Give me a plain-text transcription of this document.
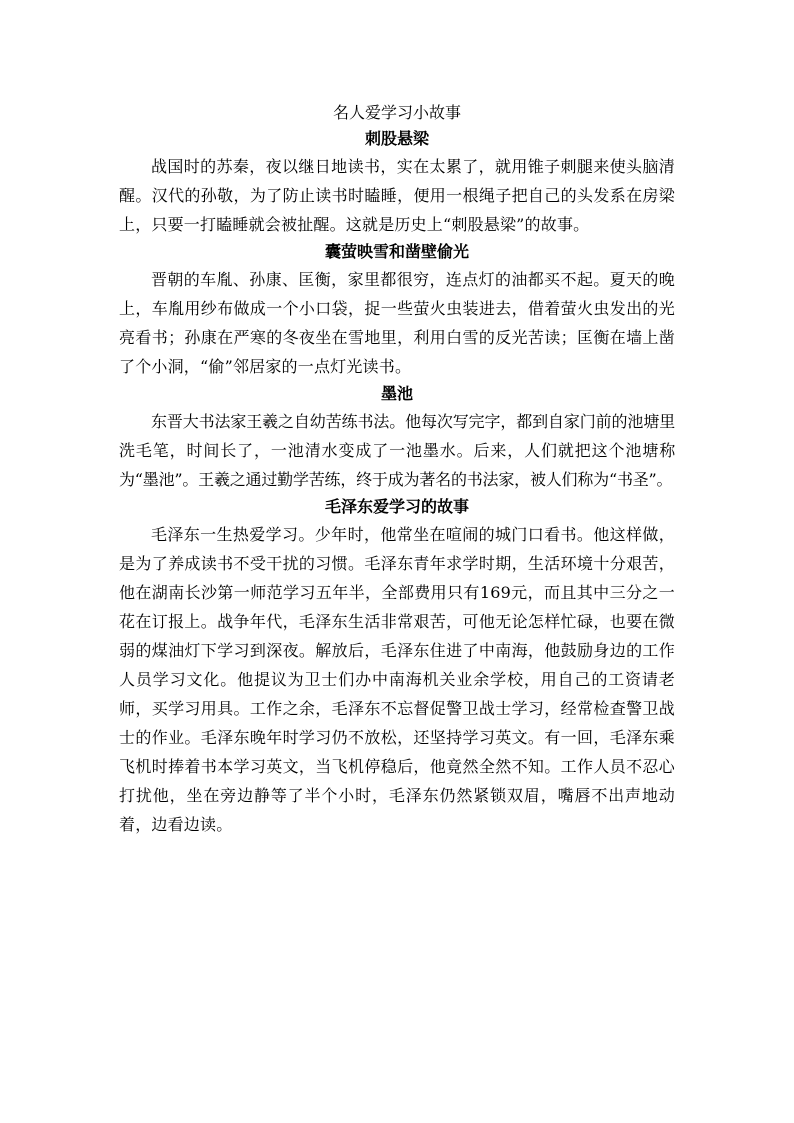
名人爱学习小故事
刺股悬梁

战国时的苏秦，夜以继日地读书，实在太累了，就用锥子刺腿来使头脑清醒。汉代的孙敬，为了防止读书时瞌睡，便用一根绳子把自己的头发系在房梁上，只要一打瞌睡就会被扯醒。这就是历史上“刺股悬梁”的故事。

囊萤映雪和凿壁偷光

晋朝的车胤、孙康、匡衡，家里都很穷，连点灯的油都买不起。夏天的晚上，车胤用纱布做成一个小口袋，捉一些萤火虫装进去，借着萤火虫发出的光亮看书；孙康在严寒的冬夜坐在雪地里，利用白雪的反光苦读；匡衡在墙上凿了个小洞，“偷”邻居家的一点灯光读书。

墨池

东晋大书法家王羲之自幼苦练书法。他每次写完字，都到自家门前的池塘里洗毛笔，时间长了，一池清水变成了一池墨水。后来，人们就把这个池塘称为“墨池”。王羲之通过勤学苦练，终于成为著名的书法家，被人们称为“书圣”。

毛泽东爱学习的故事

毛泽东一生热爱学习。少年时，他常坐在喧闹的城门口看书。他这样做，是为了养成读书不受干扰的习惯。毛泽东青年求学时期，生活环境十分艰苦，他在湖南长沙第一师范学习五年半，全部费用只有169元，而且其中三分之一花在订报上。战争年代，毛泽东生活非常艰苦，可他无论怎样忙碌，也要在微弱的煤油灯下学习到深夜。解放后，毛泽东住进了中南海，他鼓励身边的工作人员学习文化。他提议为卫士们办中南海机关业余学校，用自己的工资请老师，买学习用具。工作之余，毛泽东不忘督促警卫战士学习，经常检查警卫战士的作业。毛泽东晚年时学习仍不放松，还坚持学习英文。有一回，毛泽东乘飞机时捧着书本学习英文，当飞机停稳后，他竟然全然不知。工作人员不忍心打扰他，坐在旁边静等了半个小时，毛泽东仍然紧锁双眉，嘴唇不出声地动着，边看边读。
